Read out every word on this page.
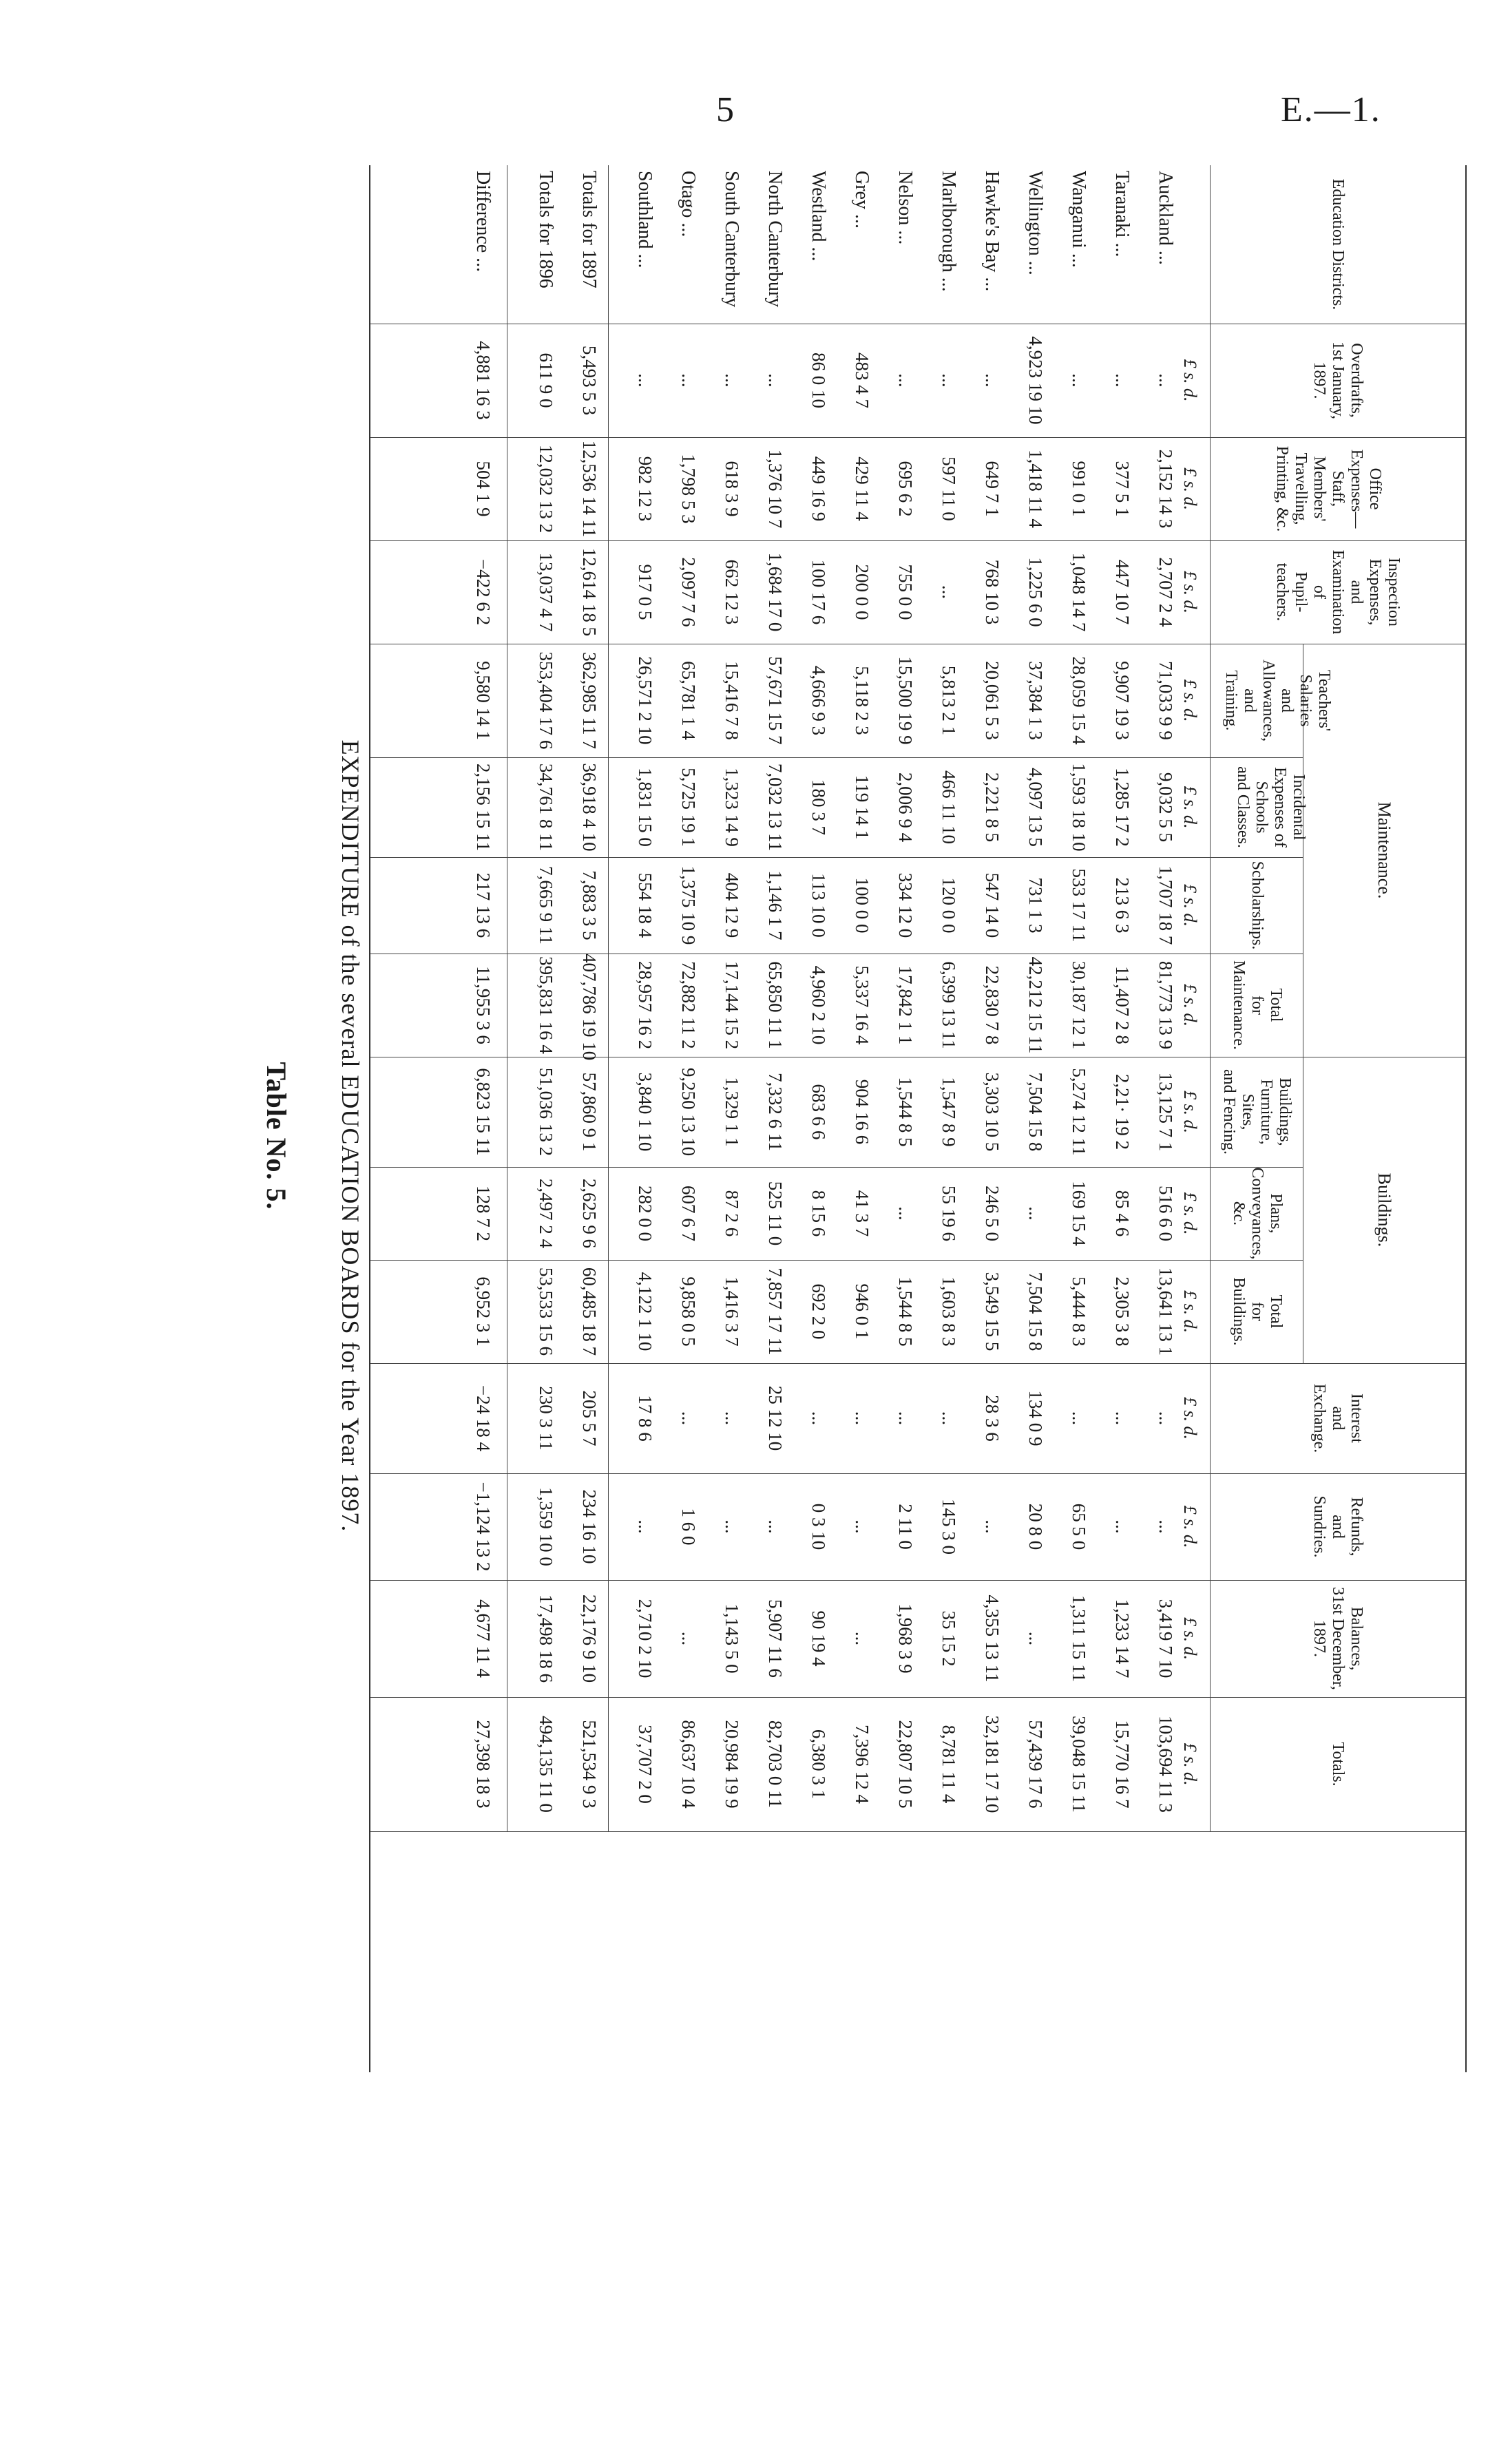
5	E.—1.
Table No. 5. EXPENDITURE of the several EDUCATION BOARDS for the Year 1897.
Education Districts.
Overdrafts,
1st January,
1897.
Office
Expenses—
Staff, Members'
Travelling,
Printing, &c.
Inspection
Expenses,
and
Examination
of
Pupil-
teachers.
Teachers'
Salaries
and
Allowances,
and
Training.
Incidental
Expenses of
Schools
and Classes.
Scholarships.
Total
for
Maintenance.
Buildings,
Furniture,
Sites,
and Fencing.
Plans,
Conveyances,
&c.
Total
for
Buildings.
Interest
and
Exchange.
Refunds,
and
Sundries.
Balances,
31st December,
1897.
Totals.
Maintenance.
Buildings.
£ s. d.
£ s. d.
£ s. d.
£ s. d.
£ s. d.
£ s. d.
£ s. d.
£ s. d.
£ s. d.
£ s. d.
£ s. d.
£ s. d.
£ s. d.
£ s. d.
Auckland ...
...
2,152 14 3
2,707 2 4
71,033 9 9
9,032 5 5
1,707 18 7
81,773 13 9
13,125 7 1
516 6 0
13,641 13 1
...
...
3,419 7 10
103,694 11 3
Taranaki ...
...
377 5 1
447 10 7
9,907 19 3
1,285 17 2
213 6 3
11,407 2 8
2,21· 19 2
85 4 6
2,305 3 8
...
...
1,233 14 7
15,770 16 7
Wanganui ...
...
991 0 1
1,048 14 7
28,059 15 4
1,593 18 10
533 17 11
30,187 12 1
5,274 12 11
169 15 4
5,444 8 3
...
65 5 0
1,311 15 11
39,048 15 11
Wellington ...
4,923 19 10
1,418 11 4
1,225 6 0
37,384 1 3
4,097 13 5
731 1 3
42,212 15 11
7,504 15 8
...
7,504 15 8
134 0 9
20 8 0
...
57,439 17 6
Hawke's Bay ...
...
649 7 1
768 10 3
20,061 5 3
2,221 8 5
547 14 0
22,830 7 8
3,303 10 5
246 5 0
3,549 15 5
28 3 6
...
4,355 13 11
32,181 17 10
Marlborough ...
...
597 11 0
...
5,813 2 1
466 11 10
120 0 0
6,399 13 11
1,547 8 9
55 19 6
1,603 8 3
...
145 3 0
35 15 2
8,781 11 4
Nelson ...
...
695 6 2
755 0 0
15,500 19 9
2,006 9 4
334 12 0
17,842 1 1
1,544 8 5
...
1,544 8 5
...
2 11 0
1,968 3 9
22,807 10 5
Grey ...
483 4 7
429 11 4
200 0 0
5,118 2 3
119 14 1
100 0 0
5,337 16 4
904 16 6
41 3 7
946 0 1
...
...
...
7,396 12 4
Westland ...
86 0 10
449 16 9
100 17 6
4,666 9 3
180 3 7
113 10 0
4,960 2 10
683 6 6
8 15 6
692 2 0
...
0 3 10
90 19 4
6,380 3 1
North Canterbury
...
1,376 10 7
1,684 17 0
57,671 15 7
7,032 13 11
1,146 1 7
65,850 11 1
7,332 6 11
525 11 0
7,857 17 11
25 12 10
...
5,907 11 6
82,703 0 11
South Canterbury
...
618 3 9
662 12 3
15,416 7 8
1,323 14 9
404 12 9
17,144 15 2
1,329 1 1
87 2 6
1,416 3 7
...
...
1,143 5 0
20,984 19 9
Otago ...
...
1,798 5 3
2,097 7 6
65,781 1 4
5,725 19 1
1,375 10 9
72,882 11 2
9,250 13 10
607 6 7
9,858 0 5
...
1 6 0
...
86,637 10 4
Southland ...
...
982 12 3
917 0 5
26,571 2 10
1,831 15 0
554 18 4
28,957 16 2
3,840 1 10
282 0 0
4,122 1 10
17 8 6
...
2,710 2 10
37,707 2 0
Totals for 1897
5,493 5 3
12,536 14 11
12,614 18 5
362,985 11 7
36,918 4 10
7,883 3 5
407,786 19 10
57,860 9 1
2,625 9 6
60,485 18 7
205 5 7
234 16 10
22,176 9 10
521,534 9 3
Totals for 1896
611 9 0
12,032 13 2
13,037 4 7
353,404 17 6
34,761 8 11
7,665 9 11
395,831 16 4
51,036 13 2
2,497 2 4
53,533 15 6
230 3 11
1,359 10 0
17,498 18 6
494,135 11 0
Difference ...
4,881 16 3
504 1 9
−422 6 2
9,580 14 1
2,156 15 11
217 13 6
11,955 3 6
6,823 15 11
128 7 2
6,952 3 1
−24 18 4
−1,124 13 2
4,677 11 4
27,398 18 3
